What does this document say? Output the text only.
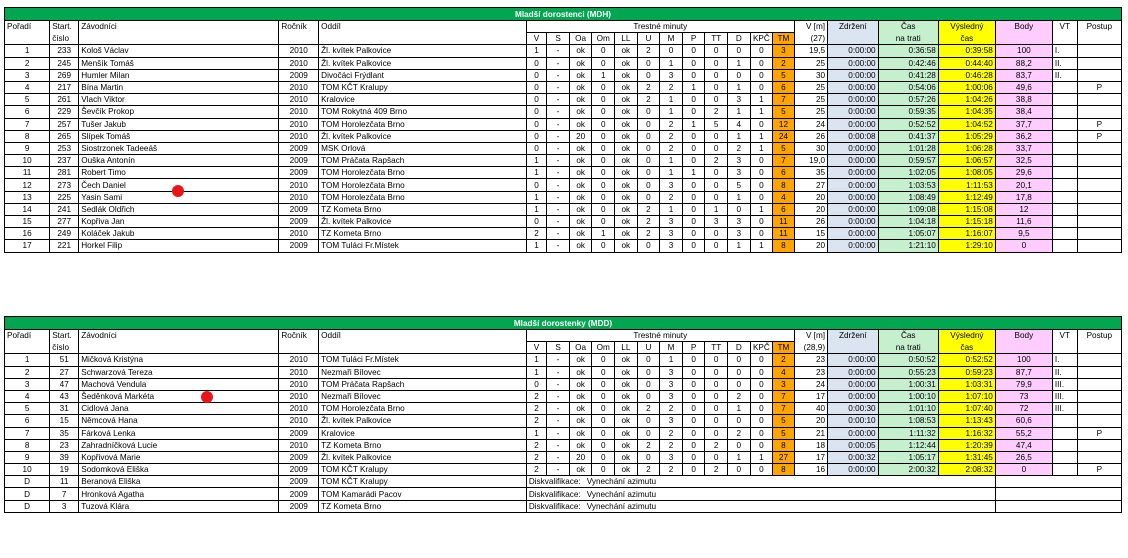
Mladší dorostenci (MDH)																							
Pořadí	Start.	Závodníci	Ročník	Oddíl	Trestné minuty												V [m]	Zdržení	Čas	Výsledný	Body	VT	Postup
	číslo				V	S	Oa	Om	LL	U	M	P	TT	D	KPČ	TM	(27)		na trati	čas			
1	233	Kološ Václav	2010	Žl. kvítek Palkovice	1	-	ok	0	ok	2	0	0	0	0	0	3	19,5	0:00:00	0:36:58	0:39:58	100	I.	
2	245	Menšík Tomáš	2010	Žl. kvítek Palkovice	0	-	ok	0	ok	0	1	0	0	1	0	2	25	0:00:00	0:42:46	0:44:40	88,2	II.	
3	269	Humler Milan	2009	Divočáci Frýdlant	0	-	ok	1	ok	0	3	0	0	0	0	5	30	0:00:00	0:41:28	0:46:28	83,7	II.	
4	217	Bína Martin	2010	TOM KČT Kralupy	0	-	ok	0	ok	2	2	1	0	1	0	6	25	0:00:00	0:54:06	1:00:06	49,6		P
5	261	Vlach Viktor	2010	Kralovice	0	-	ok	0	ok	2	1	0	0	3	1	7	25	0:00:00	0:57:26	1:04:26	38,8		
6	229	Ševčík Prokop	2010	TOM Rokytná 409 Brno	0	-	ok	0	ok	0	1	0	2	1	1	5	25	0:00:00	0:59:35	1:04:35	38,4		
7	257	Tušer Jakub	2010	TOM Horolezčata Brno	0	-	ok	0	ok	0	2	1	5	4	0	12	24	0:00:00	0:52:52	1:04:52	37,7		P
8	265	Slípek Tomáš	2010	Žl. kvítek Palkovice	0	-	20	0	ok	0	2	0	0	1	1	24	26	0:00:08	0:41:37	1:05:29	36,2		P
9	253	Siostrzonek Tadeeáš	2009	MSK Orlová	0	-	ok	0	ok	0	2	0	0	2	1	5	30	0:00:00	1:01:28	1:06:28	33,7		
10	237	Ouška Antonín	2009	TOM Práčata Rapšach	1	-	ok	0	ok	0	1	0	2	3	0	7	19,0	0:00:00	0:59:57	1:06:57	32,5		
11	281	Robert Timo	2009	TOM Horolezčata Brno	1	-	ok	0	ok	0	1	1	0	3	0	6	35	0:00:00	1:02:05	1:08:05	29,6		
12	273	Čech Daniel	2010	TOM Horolezčata Brno	0	-	ok	0	ok	0	3	0	0	5	0	8	27	0:00:00	1:03:53	1:11:53	20,1		
13	225	Yasin Sami	2010	TOM Horolezčata Brno	1	-	ok	0	ok	0	2	0	0	1	0	4	20	0:00:00	1:08:49	1:12:49	17,8		
14	241	Sedlák Oldřich	2009	TZ Kometa Brno	1	-	ok	0	ok	2	1	0	1	0	1	6	20	0:00:00	1:09:08	1:15:08	12		
15	277	Kopřiva Jan	2009	Žl. kvítek Palkovice	0	-	ok	0	ok	2	3	0	3	3	0	11	26	0:00:00	1:04:18	1:15:18	11,6		
16	249	Koláček Jakub	2010	TZ Kometa Brno	2	-	ok	1	ok	2	3	0	0	3	0	11	15	0:00:00	1:05:07	1:16:07	9,5		
17	221	Horkel Filip	2009	TOM Tuláci Fr.Místek	1	-	ok	0	ok	0	3	0	0	1	1	8	20	0:00:00	1:21:10	1:29:10	0		
Mladší dorostenky (MDD)																							
Pořadí	Start.	Závodníci	Ročník	Oddíl	Trestné minuty												V [m]	Zdržení	Čas	Výsledný	Body	VT	Postup
	číslo				V	S	Oa	Om	LL	U	M	P	TT	D	KPČ	TM	(28,9)		na trati	čas			
1	51	Mičková Kristýna	2010	TOM Tuláci Fr.Místek	1	-	ok	0	ok	0	1	0	0	0	0	2	23	0:00:00	0:50:52	0:52:52	100	I.	
2	27	Schwarzová Tereza	2010	Nezmaři Bílovec	1	-	ok	0	ok	0	3	0	0	0	0	4	23	0:00:00	0:55:23	0:59:23	87,7	II.	
3	47	Machová Vendula	2010	TOM Práčata Rapšach	0	-	ok	0	ok	0	3	0	0	0	0	3	24	0:00:00	1:00:31	1:03:31	79,9	III.	
4	43	Šeděnková Markéta	2010	Nezmaři Bílovec	2	-	ok	0	ok	0	3	0	0	2	0	7	17	0:00:00	1:00:10	1:07:10	73	III.	
5	31	Cidlová Jana	2010	TOM Horolezčata Brno	2	-	ok	0	ok	2	2	0	0	1	0	7	40	0:00:30	1:01:10	1:07:40	72	III.	
6	15	Němcová Hana	2010	Žl. kvítek Palkovice	2	-	ok	0	ok	0	3	0	0	0	0	5	20	0:00:10	1:08:53	1:13:43	60,6		
7	35	Fárková Lenka	2009	Kralovice	1	-	ok	0	ok	0	2	0	0	2	0	5	21	0:00:00	1:11:32	1:16:32	55,2		P
8	23	Zahradníčková Lucie	2010	TZ Kometa Brno	2	-	ok	0	ok	2	2	0	2	0	0	8	18	0:00:05	1:12:44	1:20:39	47,4		
9	39	Kopřivová Marie	2009	Žl. kvítek Palkovice	2	-	20	0	ok	0	3	0	0	1	1	27	17	0:00:32	1:05:17	1:31:45	26,5		
10	19	Sodomková Eliška	2009	TOM KČT Kralupy	2	-	ok	0	ok	2	2	0	2	0	0	8	16	0:00:00	2:00:32	2:08:32	0		P
D	11	Beranová Eliška	2009	TOM KČT Kralupy	Diskvalifikace: Vynechání azimutu																		
D	7	Hronková Agatha	2009	TOM Kamarádi Pacov	Diskvalifikace: Vynechání azimutu																		
D	3	Tuzová Klára	2009	TZ Kometa Brno	Diskvalifikace: Vynechání azimutu																		
